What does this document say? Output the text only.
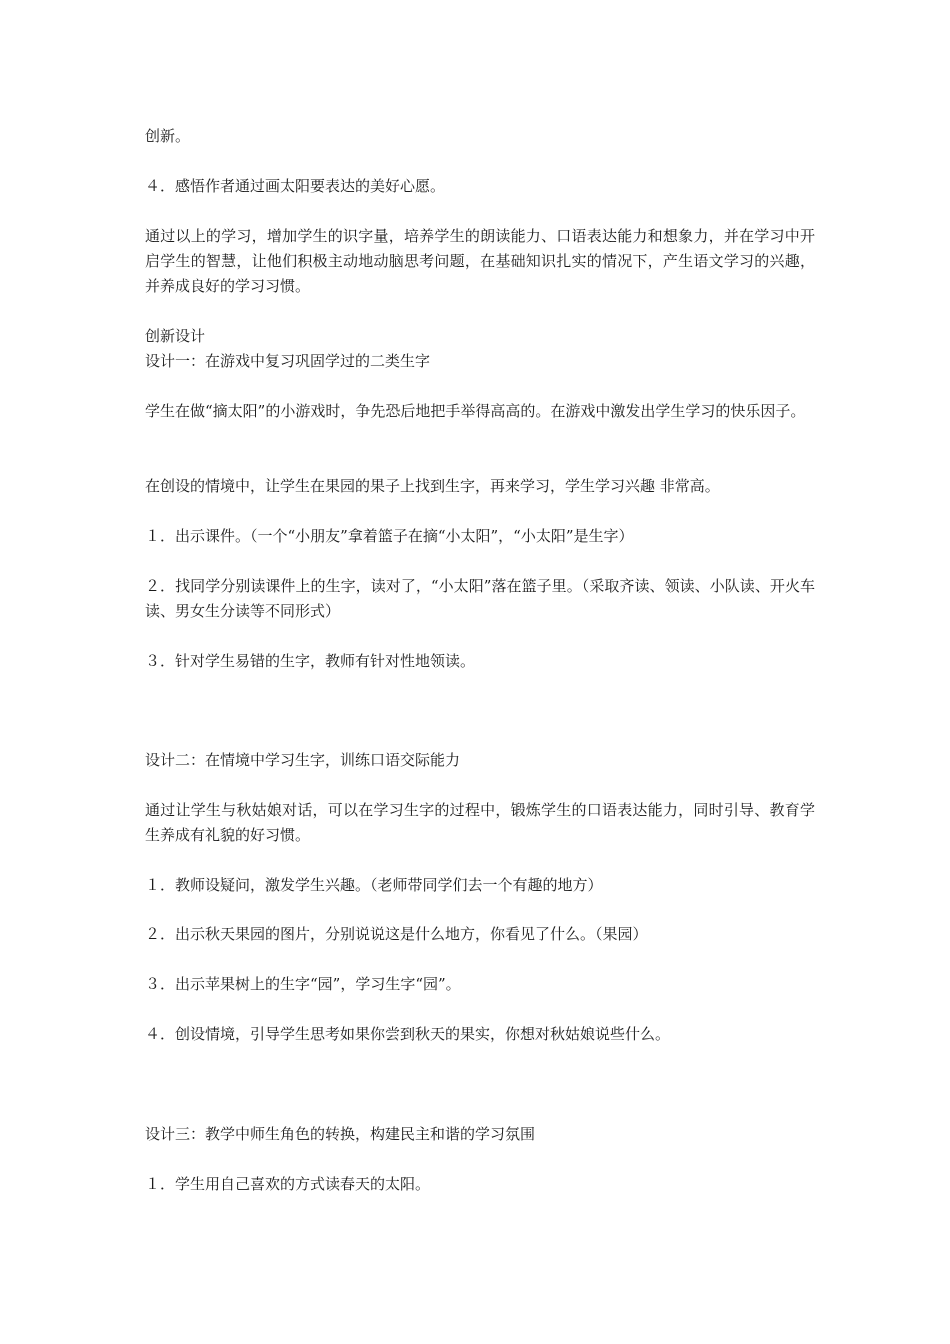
创新。
４．感悟作者通过画太阳要表达的美好心愿。

通过以上的学习，增加学生的识字量，培养学生的朗读能力、口语表达能力和想象力，并在学习中开启学生的智慧，让他们积极主动地动脑思考问题，在基础知识扎实的情况下，产生语文学习的兴趣，并养成良好的学习习惯。

创新设计
设计一：在游戏中复习巩固学过的二类生字

学生在做“摘太阳”的小游戏时，争先恐后地把手举得高高的。在游戏中激发出学生学习的快乐因子。

在创设的情境中，让学生在果园的果子上找到生字，再来学习，学生学习兴趣 非常高。
１．出示课件。（一个“小朋友”拿着篮子在摘“小太阳”，“小太阳”是生字）

２．找同学分别读课件上的生字，读对了，“小太阳”落在篮子里。（采取齐读、领读、小队读、开火车读、男女生分读等不同形式）

３．针对学生易错的生字，教师有针对性地领读。
设计二：在情境中学习生字，训练口语交际能力

通过让学生与秋姑娘对话，可以在学习生字的过程中，锻炼学生的口语表达能力，同时引导、教育学生养成有礼貌的好习惯。

１．教师设疑问，激发学生兴趣。（老师带同学们去一个有趣的地方）
２．出示秋天果园的图片，分别说说这是什么地方，你看见了什么。（果园）
３．出示苹果树上的生字“园”，学习生字“园”。
４．创设情境，引导学生思考如果你尝到秋天的果实，你想对秋姑娘说些什么。
设计三：教学中师生角色的转换，构建民主和谐的学习氛围
１．学生用自己喜欢的方式读春天的太阳。
